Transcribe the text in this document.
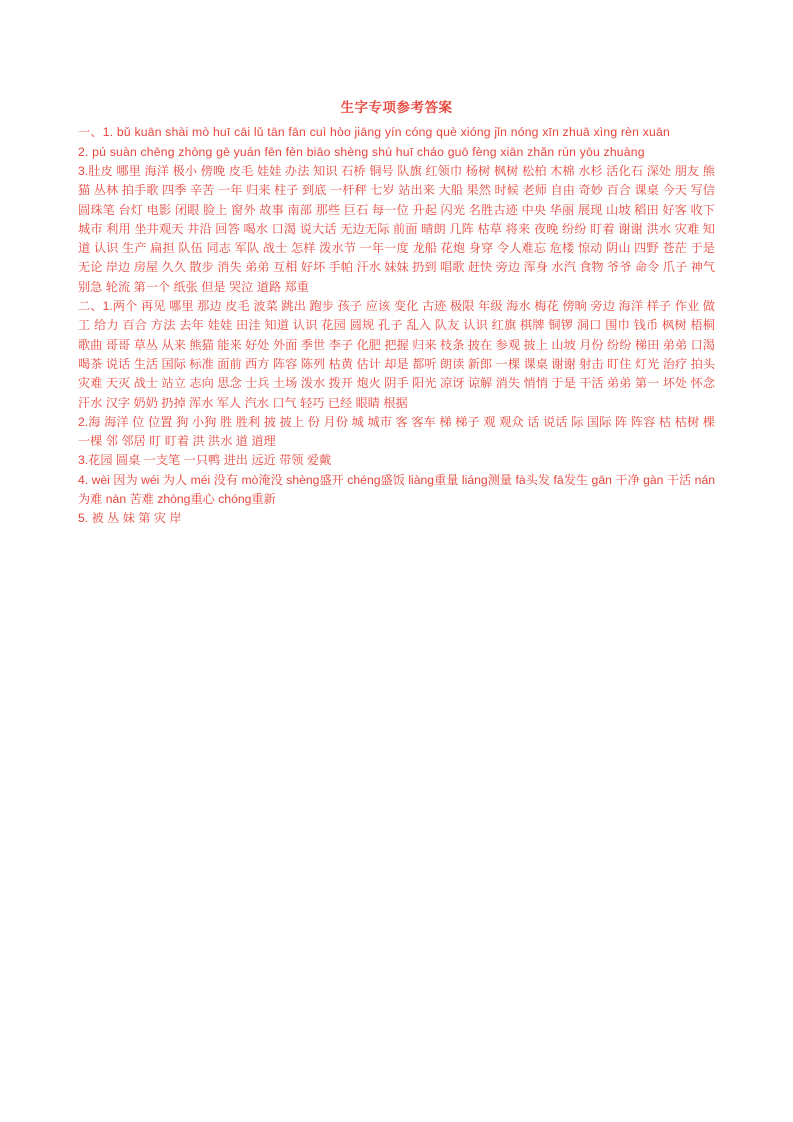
生字专项参考答案
一、1. bǔ kuān shài mò huī cāi lǔ tān fān cuì hòo jiāng yín cóng què xióng jǐn nóng xīn zhuā xìng rèn xuān
2. pú suàn chēng zhòng gē yuán fēn fèn biāo shèng shù huī cháo guō fèng xiān zhǎn rùn yōu zhuàng
3.肚皮 哪里 海洋 极小 傍晚 皮毛 娃娃 办法 知识 石桥 铜号 队旗 红领巾 杨树 枫树 松柏 木棉 水杉 活化石 深处 朋友 熊猫 丛林 拍手歌 四季 辛苦 一年 归来 柱子 到底 一杆秤 七岁 站出来 大船 果然 时候 老师 自由 奇妙 百合 课桌 今天 写信 圆珠笔 台灯 电影 闭眼 脸上 窗外 故事 南部 那些 巨石 每一位 升起 闪光 名胜古迹 中央 华丽 展现 山坡 稻田 好客 收下 城市 利用 坐井观天 井沿 回答 喝水 口渴 说大话 无边无际 前面 晴朗 几阵 枯草 将来 夜晚 纷纷 盯着 谢谢 洪水 灾难 知道 认识 生产 扁担 队伍 同志 军队 战士 怎样 泼水节 一年一度 龙船 花炮 身穿 令人难忘 危楼 惊动 阴山 四野 苍茫 于是 无论 岸边 房屋 久久 散步 消失 弟弟 互相 好坏 手帕 汗水 妹妹 扔到 唱歌 赶快 旁边 浑身 水汽 食物 爷爷 命令 爪子 神气 别急 轮流 第一个 纸张 但是 哭泣 道路 郑重
二、1.两个 再见 哪里 那边 皮毛 波菜 跳出 跑步 孩子 应该 变化 古迹 极限 年级 海水 梅花 傍晌 旁边 海洋 样子 作业 做工 给力 百合 方法 去年 娃娃 田洼 知道 认识 花园 圆规 孔子 乱入 队友 认识 红旗 棋牌 铜锣 洞口 围巾 钱币 枫树 梧桐 歌曲 哥哥 草丛 从来 熊猫 能来 好处 外面 季世 李子 化肥 把握 归来 枝条 披在 参观 披上 山坡 月份 纷纷 梯田 弟弟 口渴 喝茶 说话 生活 国际 标准 面前 西方 阵容 陈列 枯黄 估计 却是 都听 朗读 新郎 一棵 课桌 谢谢 射击 盯住 灯光 治疗 拍头 灾难 天灭 战士 站立 志向 思念 士兵 土场 泼水 拨开 炮火 阴手 阳光 凉讶 谅解 消失 悄悄 于是 干活 弟弟 第一 坏处 怀念 汗水 汉字 奶奶 扔掉 浑水 军人 汽水 口气 轻巧 已经 眼睛 根据
2.海 海洋 位 位置 狗 小狗 胜 胜利 披 披上 份 月份 城 城市 客 客车 梯 梯子 观 观众 话 说话 际 国际 阵 阵容 枯 枯树 棵 一棵 邻 邻居 盯 盯着 洪 洪水 道 道理
3.花园 圆桌 一支笔 一只鸭 进出 远近 带领 爱戴
4. wèi 因为 wéi 为人 méi 没有 mò淹没 shèng盛开 chéng盛饭 liàng重量 liáng测量 fà头发 fā发生 gān 干净 gàn 干活 nán 为难 nàn 苦难 zhòng重心 chóng重新
5. 被 丛 妹 第 灾 岸
